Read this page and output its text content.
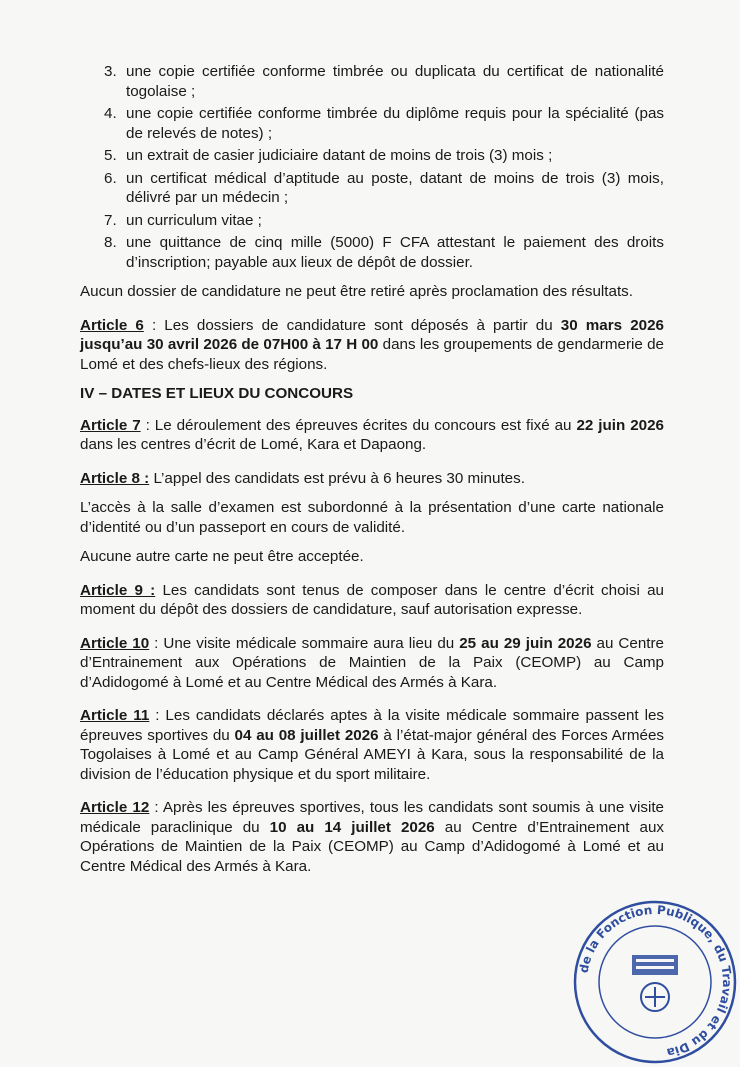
3. une copie certifiée conforme timbrée ou duplicata du certificat de nationalité togolaise ;
4. une copie certifiée conforme timbrée du diplôme requis pour la spécialité (pas de relevés de notes) ;
5. un extrait de casier judiciaire datant de moins de trois (3) mois ;
6. un certificat médical d’aptitude au poste, datant de moins de trois (3) mois, délivré par un médecin ;
7. un curriculum vitae ;
8. une quittance de cinq mille (5000) F CFA attestant le paiement des droits d’inscription; payable aux lieux de dépôt de dossier.

Aucun dossier de candidature ne peut être retiré après proclamation des résultats.

Article 6 : Les dossiers de candidature sont déposés à partir du 30 mars 2026 jusqu’au 30 avril 2026 de 07H00 à 17 H 00 dans les groupements de gendarmerie de Lomé et des chefs-lieux des régions.

IV – DATES ET LIEUX DU CONCOURS

Article 7 : Le déroulement des épreuves écrites du concours est fixé au 22 juin 2026 dans les centres d’écrit de Lomé, Kara et Dapaong.

Article 8 : L’appel des candidats est prévu à 6 heures 30 minutes.

L’accès à la salle d’examen est subordonné à la présentation d’une carte nationale d’identité ou d’un passeport en cours de validité.

Aucune autre carte ne peut être acceptée.

Article 9 : Les candidats sont tenus de composer dans le centre d’écrit choisi au moment du dépôt des dossiers de candidature, sauf autorisation expresse.

Article 10 : Une visite médicale sommaire aura lieu du 25 au 29 juin 2026 au Centre d’Entrainement aux Opérations de Maintien de la Paix (CEOMP) au Camp d’Adidogomé à Lomé et au Centre Médical des Armés à Kara.

Article 11 : Les candidats déclarés aptes à la visite médicale sommaire passent les épreuves sportives du 04 au 08 juillet 2026 à l’état-major général des Forces Armées Togolaises à Lomé et au Camp Général AMEYI à Kara, sous la responsabilité de la division de l’éducation physique et du sport militaire.

Article 12 : Après les épreuves sportives, tous les candidats sont soumis à une visite médicale paraclinique du 10 au 14 juillet 2026 au Centre d’Entrainement aux Opérations de Maintien de la Paix (CEOMP) au Camp d’Adidogomé à Lomé et au Centre Médical des Armés à Kara.

de la Fonction Publique, du Travail et du Dia
